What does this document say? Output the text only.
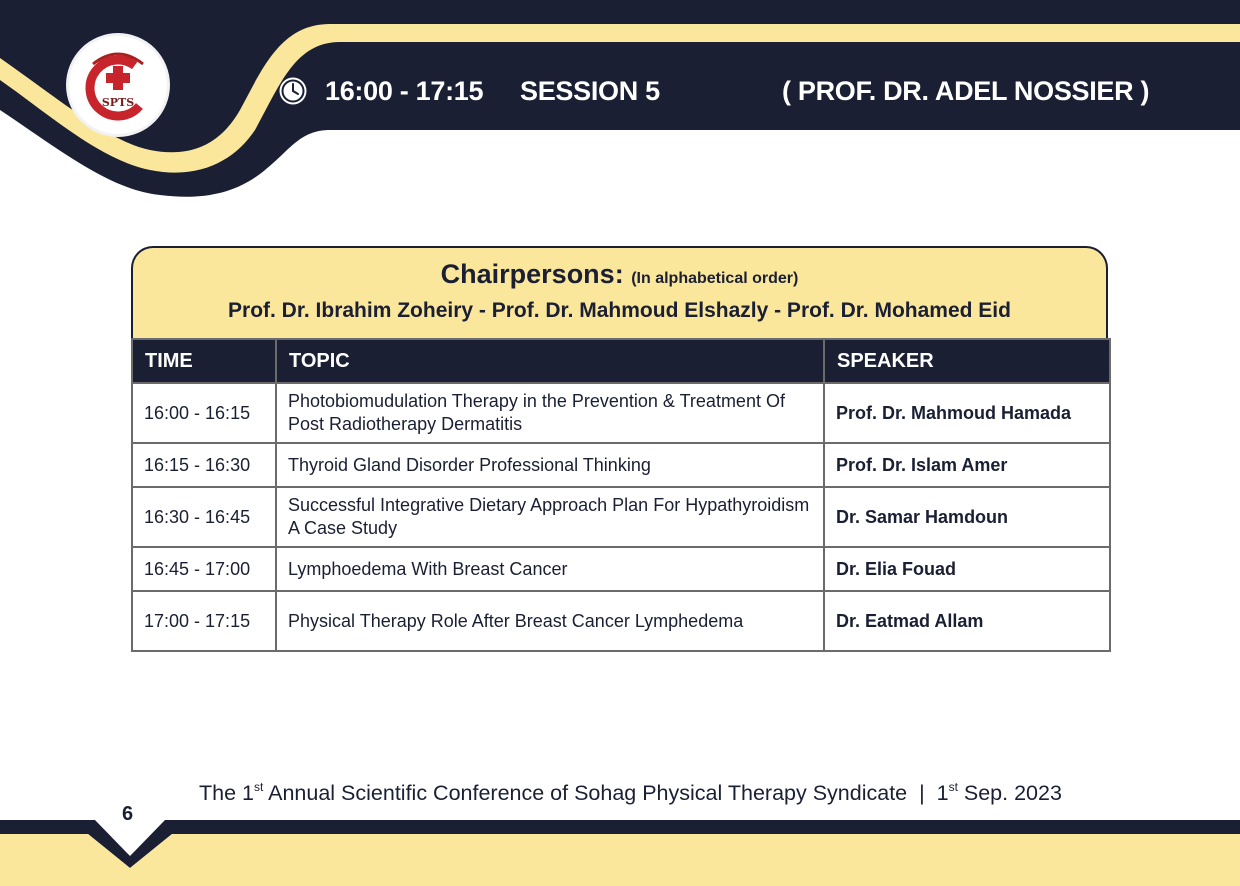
SPTS	16:00 - 17:15	SESSION 5	( PROF. DR. ADEL NOSSIER )
Chairpersons: (In alphabetical order)
Prof. Dr. Ibrahim Zoheiry - Prof. Dr. Mahmoud Elshazly - Prof. Dr. Mohamed Eid
TIME	TOPIC	SPEAKER
16:00 - 16:15	Photobiomudulation Therapy in the Prevention & Treatment Of Post Radiotherapy Dermatitis	Prof. Dr. Mahmoud Hamada
16:15 - 16:30	Thyroid Gland Disorder Professional Thinking	Prof. Dr. Islam Amer
16:30 - 16:45	Successful Integrative Dietary Approach Plan For Hypathyroidism A Case Study	Dr. Samar Hamdoun
16:45 - 17:00	Lymphoedema With Breast Cancer	Dr. Elia Fouad
17:00 - 17:15	Physical Therapy Role After Breast Cancer Lymphedema	Dr. Eatmad Allam
The 1st Annual Scientific Conference of Sohag Physical Therapy Syndicate  |  1st Sep. 2023
6
